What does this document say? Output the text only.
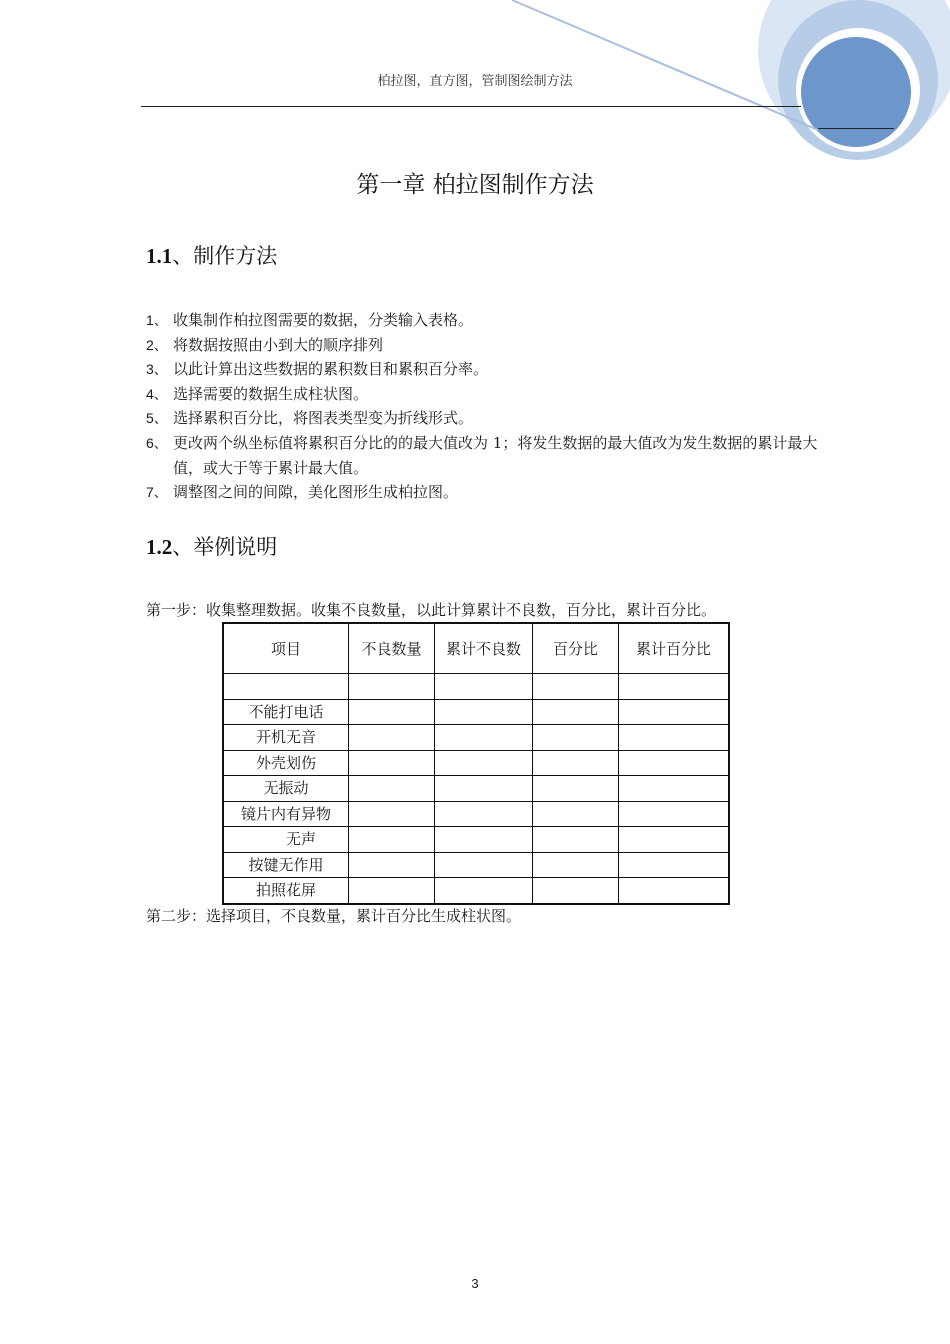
柏拉图，直方图，管制图绘制方法
第一章 柏拉图制作方法
1.1、制作方法
1、 收集制作柏拉图需要的数据，分类输入表格。
2、 将数据按照由小到大的顺序排列
3、 以此计算出这些数据的累积数目和累积百分率。
4、 选择需要的数据生成柱状图。
5、 选择累积百分比，将图表类型变为折线形式。
6、 更改两个纵坐标值将累积百分比的的最大值改为 1；将发生数据的最大值改为发生数据的累计最大值，或大于等于累计最大值。
7、 调整图之间的间隙，美化图形生成柏拉图。
1.2、举例说明
第一步：收集整理数据。收集不良数量，以此计算累计不良数，百分比，累计百分比。
项目	不良数量	累计不良数	百分比	累计百分比

不能打电话				
开机无音				
外壳划伤				
无振动				
镜片内有异物				
无声				
按键无作用				
拍照花屏				
第二步：选择项目，不良数量，累计百分比生成柱状图。
3
